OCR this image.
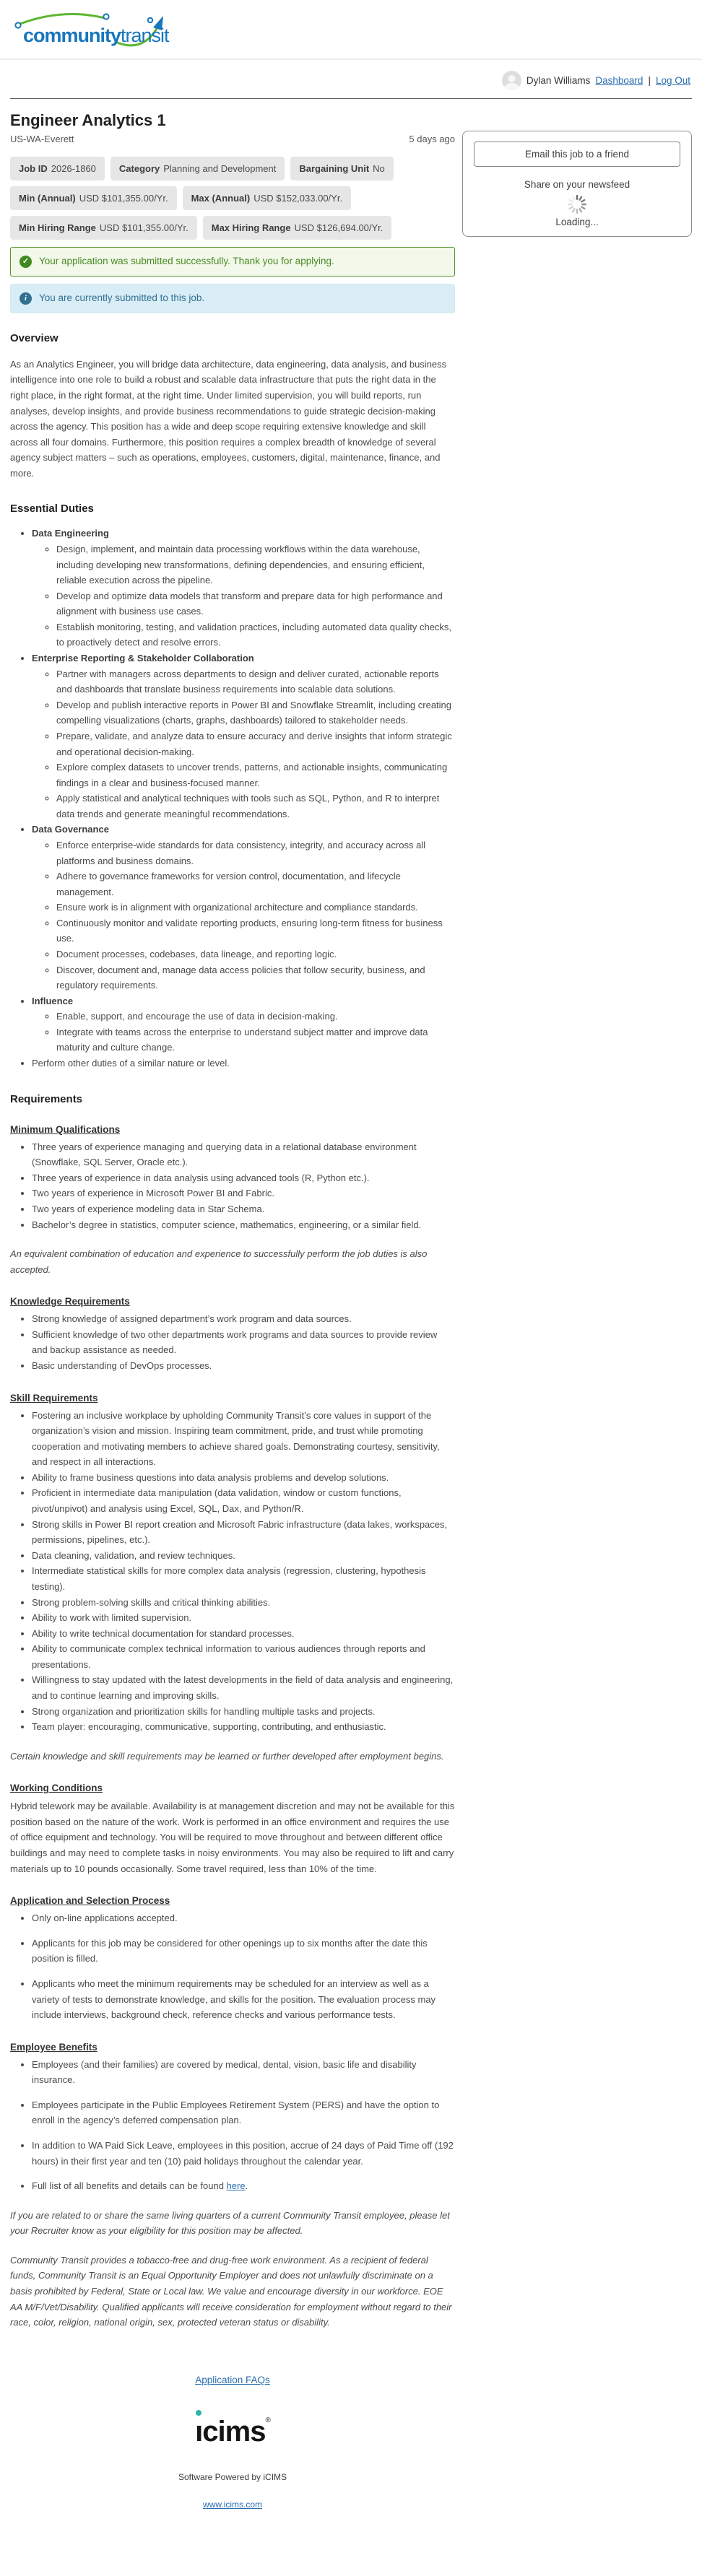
communitytransit
Dylan Williams Dashboard | Log Out
Engineer Analytics 1
US-WA-Everett	5 days ago
Job ID 2026-1860	Category Planning and Development	Bargaining Unit No
Min (Annual) USD $101,355.00/Yr.	Max (Annual) USD $152,033.00/Yr.
Min Hiring Range USD $101,355.00/Yr.	Max Hiring Range USD $126,694.00/Yr.
✓ Your application was submitted successfully. Thank you for applying.
i	You are currently submitted to this job.
Overview

As an Analytics Engineer, you will bridge data architecture, data engineering, data analysis, and business intelligence into one role to build a robust and scalable data infrastructure that puts the right data in the right place, in the right format, at the right time. Under limited supervision, you will build reports, run analyses, develop insights, and provide business recommendations to guide strategic decision-making across the agency. This position has a wide and deep scope requiring extensive knowledge and skill across all four domains. Furthermore, this position requires a complex breadth of knowledge of several agency subject matters – such as operations, employees, customers, digital, maintenance, finance, and more.

Essential Duties
• Data Engineering
◦ Design, implement, and maintain data processing workflows within the data warehouse, including developing new transformations, defining dependencies, and ensuring efficient, reliable execution across the pipeline.
◦ Develop and optimize data models that transform and prepare data for high performance and alignment with business use cases.
◦ Establish monitoring, testing, and validation practices, including automated data quality checks, to proactively detect and resolve errors.
• Enterprise Reporting & Stakeholder Collaboration
◦ Partner with managers across departments to design and deliver curated, actionable reports and dashboards that translate business requirements into scalable data solutions.
◦ Develop and publish interactive reports in Power BI and Snowflake Streamlit, including creating compelling visualizations (charts, graphs, dashboards) tailored to stakeholder needs.
◦ Prepare, validate, and analyze data to ensure accuracy and derive insights that inform strategic and operational decision-making.
◦ Explore complex datasets to uncover trends, patterns, and actionable insights, communicating findings in a clear and business-focused manner.
◦ Apply statistical and analytical techniques with tools such as SQL, Python, and R to interpret data trends and generate meaningful recommendations.
• Data Governance
◦ Enforce enterprise-wide standards for data consistency, integrity, and accuracy across all platforms and business domains.
◦ Adhere to governance frameworks for version control, documentation, and lifecycle management.
◦ Ensure work is in alignment with organizational architecture and compliance standards.
◦ Continuously monitor and validate reporting products, ensuring long-term fitness for business use.
◦ Document processes, codebases, data lineage, and reporting logic.
◦ Discover, document and, manage data access policies that follow security, business, and regulatory requirements.
• Influence
◦ Enable, support, and encourage the use of data in decision-making.
◦ Integrate with teams across the enterprise to understand subject matter and improve data maturity and culture change.
• Perform other duties of a similar nature or level.
Requirements
Minimum Qualifications
• Three years of experience managing and querying data in a relational database environment (Snowflake, SQL Server, Oracle etc.).
• Three years of experience in data analysis using advanced tools (R, Python etc.).
• Two years of experience in Microsoft Power BI and Fabric.
• Two years of experience modeling data in Star Schema.
• Bachelor’s degree in statistics, computer science, mathematics, engineering, or a similar field.

An equivalent combination of education and experience to successfully perform the job duties is also accepted.

Knowledge Requirements
• Strong knowledge of assigned department’s work program and data sources.
• Sufficient knowledge of two other departments work programs and data sources to provide review and backup assistance as needed.
• Basic understanding of DevOps processes.
Skill Requirements
• Fostering an inclusive workplace by upholding Community Transit’s core values in support of the organization’s vision and mission. Inspiring team commitment, pride, and trust while promoting cooperation and motivating members to achieve shared goals. Demonstrating courtesy, sensitivity, and respect in all interactions.
• Ability to frame business questions into data analysis problems and develop solutions.
• Proficient in intermediate data manipulation (data validation, window or custom functions, pivot/unpivot) and analysis using Excel, SQL, Dax, and Python/R.
• Strong skills in Power BI report creation and Microsoft Fabric infrastructure (data lakes, workspaces, permissions, pipelines, etc.).
• Data cleaning, validation, and review techniques.
• Intermediate statistical skills for more complex data analysis (regression, clustering, hypothesis testing).
• Strong problem-solving skills and critical thinking abilities.
• Ability to work with limited supervision.
• Ability to write technical documentation for standard processes.
• Ability to communicate complex technical information to various audiences through reports and presentations.
• Willingness to stay updated with the latest developments in the field of data analysis and engineering, and to continue learning and improving skills.
• Strong organization and prioritization skills for handling multiple tasks and projects.
• Team player: encouraging, communicative, supporting, contributing, and enthusiastic.

Certain knowledge and skill requirements may be learned or further developed after employment begins.

Working Conditions

Hybrid telework may be available. Availability is at management discretion and may not be available for this position based on the nature of the work. Work is performed in an office environment and requires the use of office equipment and technology. You will be required to move throughout and between different office buildings and may need to complete tasks in noisy environments. You may also be required to lift and carry materials up to 10 pounds occasionally. Some travel required, less than 10% of the time.

Application and Selection Process
• Only on-line applications accepted.
• Applicants for this job may be considered for other openings up to six months after the date this position is filled.
• Applicants who meet the minimum requirements may be scheduled for an interview as well as a variety of tests to demonstrate knowledge, and skills for the position. The evaluation process may include interviews, background check, reference checks and various performance tests.
Employee Benefits
• Employees (and their families) are covered by medical, dental, vision, basic life and disability insurance.
• Employees participate in the Public Employees Retirement System (PERS) and have the option to enroll in the agency’s deferred compensation plan.
• In addition to WA Paid Sick Leave, employees in this position, accrue of 24 days of Paid Time off (192 hours) in their first year and ten (10) paid holidays throughout the calendar year.
• Full list of all benefits and details can be found here.

If you are related to or share the same living quarters of a current Community Transit employee, please let your Recruiter know as your eligibility for this position may be affected.

Community Transit provides a tobacco-free and drug-free work environment. As a recipient of federal funds, Community Transit is an Equal Opportunity Employer and does not unlawfully discriminate on a basis prohibited by Federal, State or Local law. We value and encourage diversity in our workforce. EOE AA M/F/Vet/Disability. Qualified applicants will receive consideration for employment without regard to their race, color, religion, national origin, sex, protected veteran status or disability.

Application FAQs
ıcims®
Software Powered by iCIMS
www.icims.com
Email this job to a friend
Share on your newsfeed
Loading...
